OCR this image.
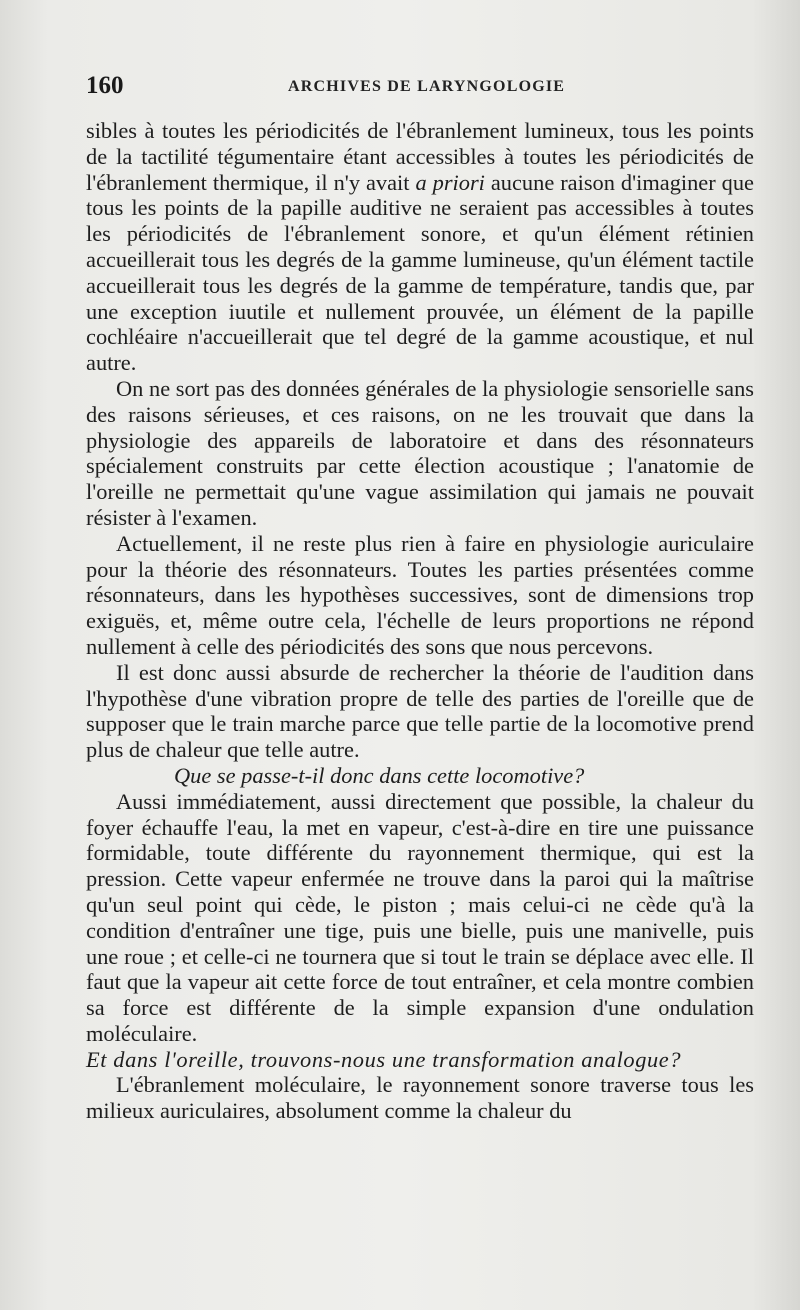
160	ARCHIVES DE LARYNGOLOGIE

sibles à toutes les périodicités de l'ébranlement lumineux, tous les points de la tactilité tégumentaire étant accessibles à toutes les périodicités de l'ébranlement thermique, il n'y avait a priori aucune raison d'imaginer que tous les points de la papille auditive ne seraient pas accessibles à toutes les périodicités de l'ébranlement sonore, et qu'un élément rétinien accueillerait tous les degrés de la gamme lumineuse, qu'un élément tactile accueillerait tous les degrés de la gamme de température, tandis que, par une exception iuutile et nullement prouvée, un élément de la papille cochléaire n'accueillerait que tel degré de la gamme acoustique, et nul autre.

On ne sort pas des données générales de la physiologie sensorielle sans des raisons sérieuses, et ces raisons, on ne les trouvait que dans la physiologie des appareils de laboratoire et dans des résonnateurs spécialement construits par cette élection acoustique ; l'anatomie de l'oreille ne permettait qu'une vague assimilation qui jamais ne pouvait résister à l'examen.

Actuellement, il ne reste plus rien à faire en physiologie auriculaire pour la théorie des résonnateurs. Toutes les parties présentées comme résonnateurs, dans les hypothèses successives, sont de dimensions trop exiguës, et, même outre cela, l'échelle de leurs proportions ne répond nullement à celle des périodicités des sons que nous percevons.

Il est donc aussi absurde de rechercher la théorie de l'audition dans l'hypothèse d'une vibration propre de telle des parties de l'oreille que de supposer que le train marche parce que telle partie de la locomotive prend plus de chaleur que telle autre.

Que se passe-t-il donc dans cette locomotive?

Aussi immédiatement, aussi directement que possible, la chaleur du foyer échauffe l'eau, la met en vapeur, c'est-à-dire en tire une puissance formidable, toute différente du rayonnement thermique, qui est la pression. Cette vapeur enfermée ne trouve dans la paroi qui la maîtrise qu'un seul point qui cède, le piston ; mais celui-ci ne cède qu'à la condition d'entraîner une tige, puis une bielle, puis une manivelle, puis une roue ; et celle-ci ne tournera que si tout le train se déplace avec elle. Il faut que la vapeur ait cette force de tout entraîner, et cela montre combien sa force est différente de la simple expansion d'une ondulation moléculaire.

Et dans l'oreille, trouvons-nous une transformation analogue?

L'ébranlement moléculaire, le rayonnement sonore traverse tous les milieux auriculaires, absolument comme la chaleur du
